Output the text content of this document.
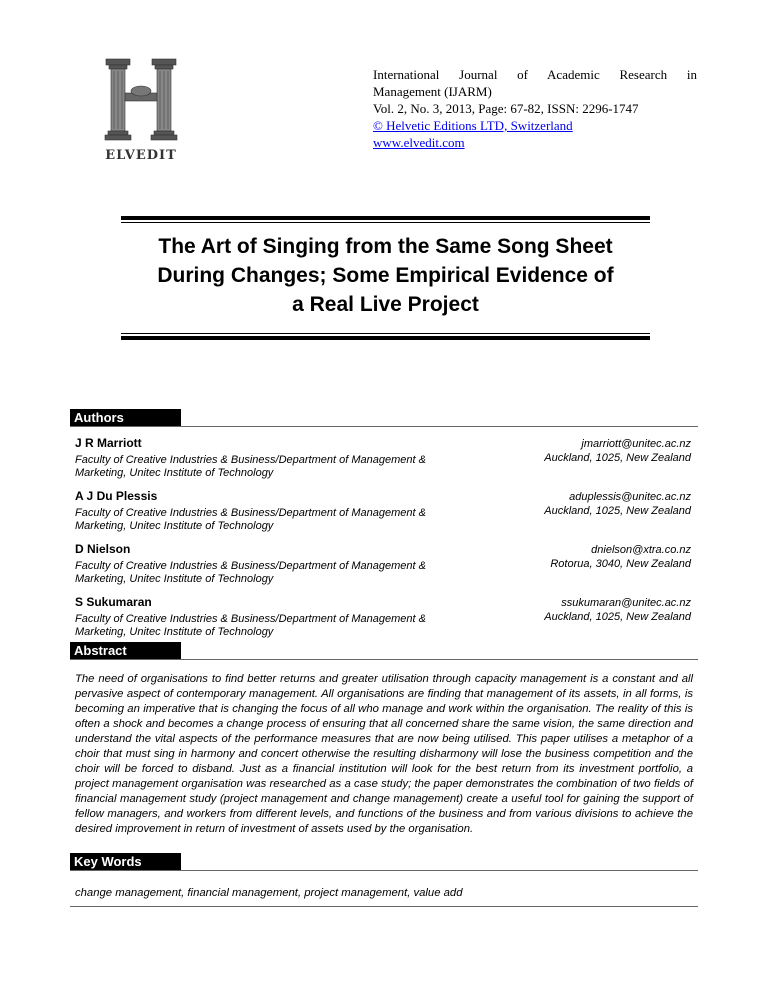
ELVEDIT
International Journal of Academic Research in
Management (IJARM)
Vol. 2, No. 3, 2013, Page: 67-82, ISSN: 2296-1747
© Helvetic Editions LTD, Switzerland
www.elvedit.com
The Art of Singing from the Same Song Sheet
During Changes; Some Empirical Evidence of
a Real Live Project
Authors
J R Marriott
Faculty of Creative Industries & Business/Department of Management &
Marketing, Unitec Institute of Technology
jmarriott@unitec.ac.nz
Auckland, 1025, New Zealand
A J Du Plessis
Faculty of Creative Industries & Business/Department of Management &
Marketing, Unitec Institute of Technology
aduplessis@unitec.ac.nz
Auckland, 1025, New Zealand
D Nielson
Faculty of Creative Industries & Business/Department of Management &
Marketing, Unitec Institute of Technology
dnielson@xtra.co.nz
Rotorua, 3040, New Zealand
S Sukumaran
Faculty of Creative Industries & Business/Department of Management &
Marketing, Unitec Institute of Technology
ssukumaran@unitec.ac.nz
Auckland, 1025, New Zealand
Abstract
The need of organisations to find better returns and greater utilisation through capacity management is a constant and all pervasive aspect of contemporary management. All organisations are finding that management of its assets, in all forms, is becoming an imperative that is changing the focus of all who manage and work within the organisation. The reality of this is often a shock and becomes a change process of ensuring that all concerned share the same vision, the same direction and understand the vital aspects of the performance measures that are now being utilised. This paper utilises a metaphor of a choir that must sing in harmony and concert otherwise the resulting disharmony will lose the business competition and the choir will be forced to disband. Just as a financial institution will look for the best return from its investment portfolio, a project management organisation was researched as a case study; the paper demonstrates the combination of two fields of financial management study (project management and change management) create a useful tool for gaining the support of fellow managers, and workers from different levels, and functions of the business and from various divisions to achieve the desired improvement in return of investment of assets used by the organisation.
Key Words
change management, financial management, project management, value add
